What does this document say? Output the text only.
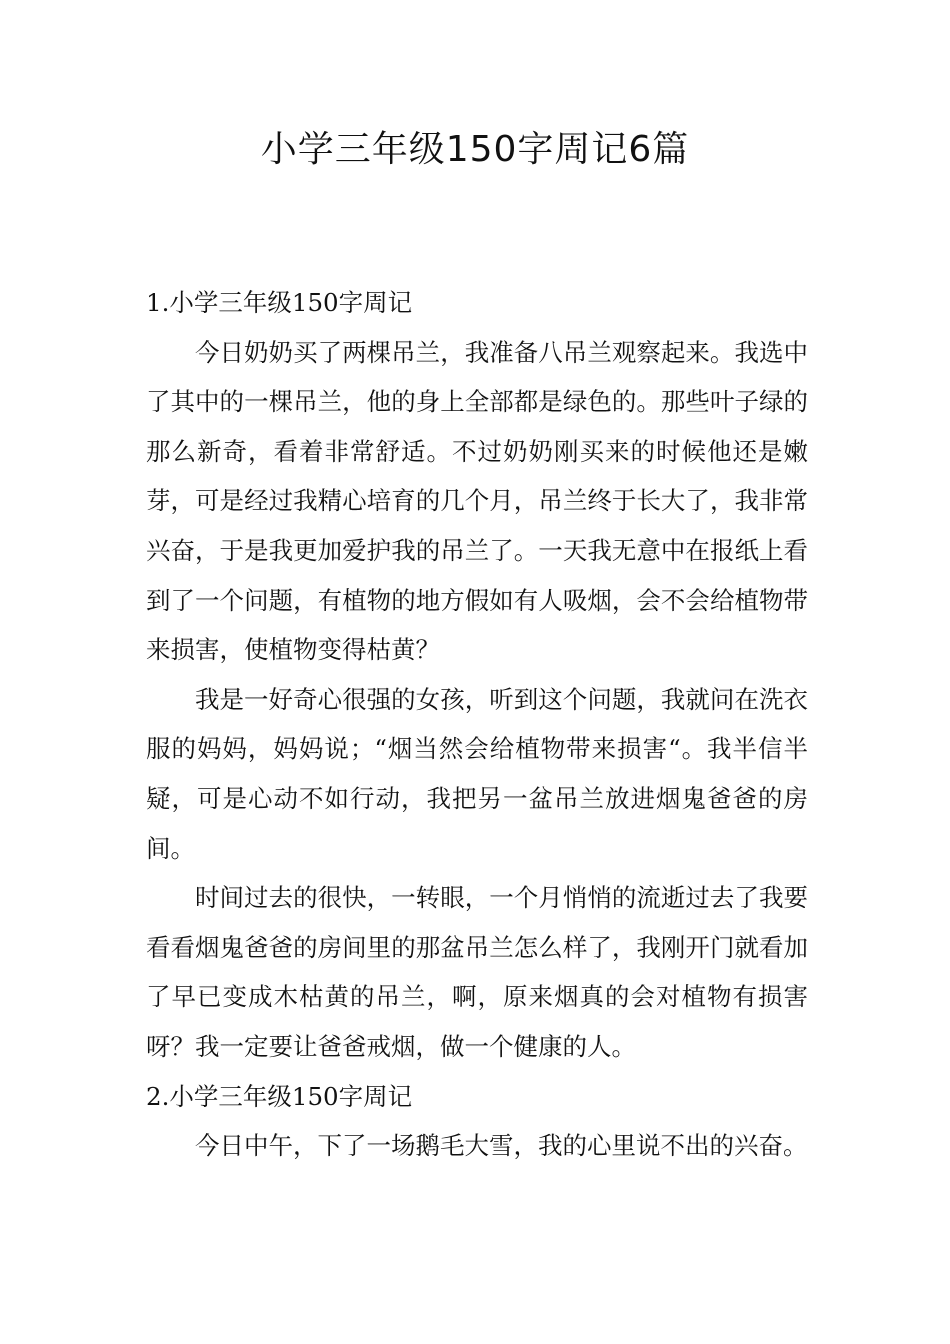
小学三年级150字周记6篇
1.小学三年级150字周记

今日奶奶买了两棵吊兰，我准备八吊兰观察起来。我选中了其中的一棵吊兰，他的身上全部都是绿色的。那些叶子绿的那么新奇，看着非常舒适。不过奶奶刚买来的时候他还是嫩芽，可是经过我精心培育的几个月，吊兰终于长大了，我非常兴奋，于是我更加爱护我的吊兰了。一天我无意中在报纸上看到了一个问题，有植物的地方假如有人吸烟，会不会给植物带来损害，使植物变得枯黄？

我是一好奇心很强的女孩，听到这个问题，我就问在洗衣服的妈妈，妈妈说；“烟当然会给植物带来损害“。我半信半疑，可是心动不如行动，我把另一盆吊兰放进烟鬼爸爸的房间。

时间过去的很快，一转眼，一个月悄悄的流逝过去了我要看看烟鬼爸爸的房间里的那盆吊兰怎么样了，我刚开门就看加了早已变成木枯黄的吊兰，啊，原来烟真的会对植物有损害呀？我一定要让爸爸戒烟，做一个健康的人。

2.小学三年级150字周记

今日中午，下了一场鹅毛大雪，我的心里说不出的兴奋。
